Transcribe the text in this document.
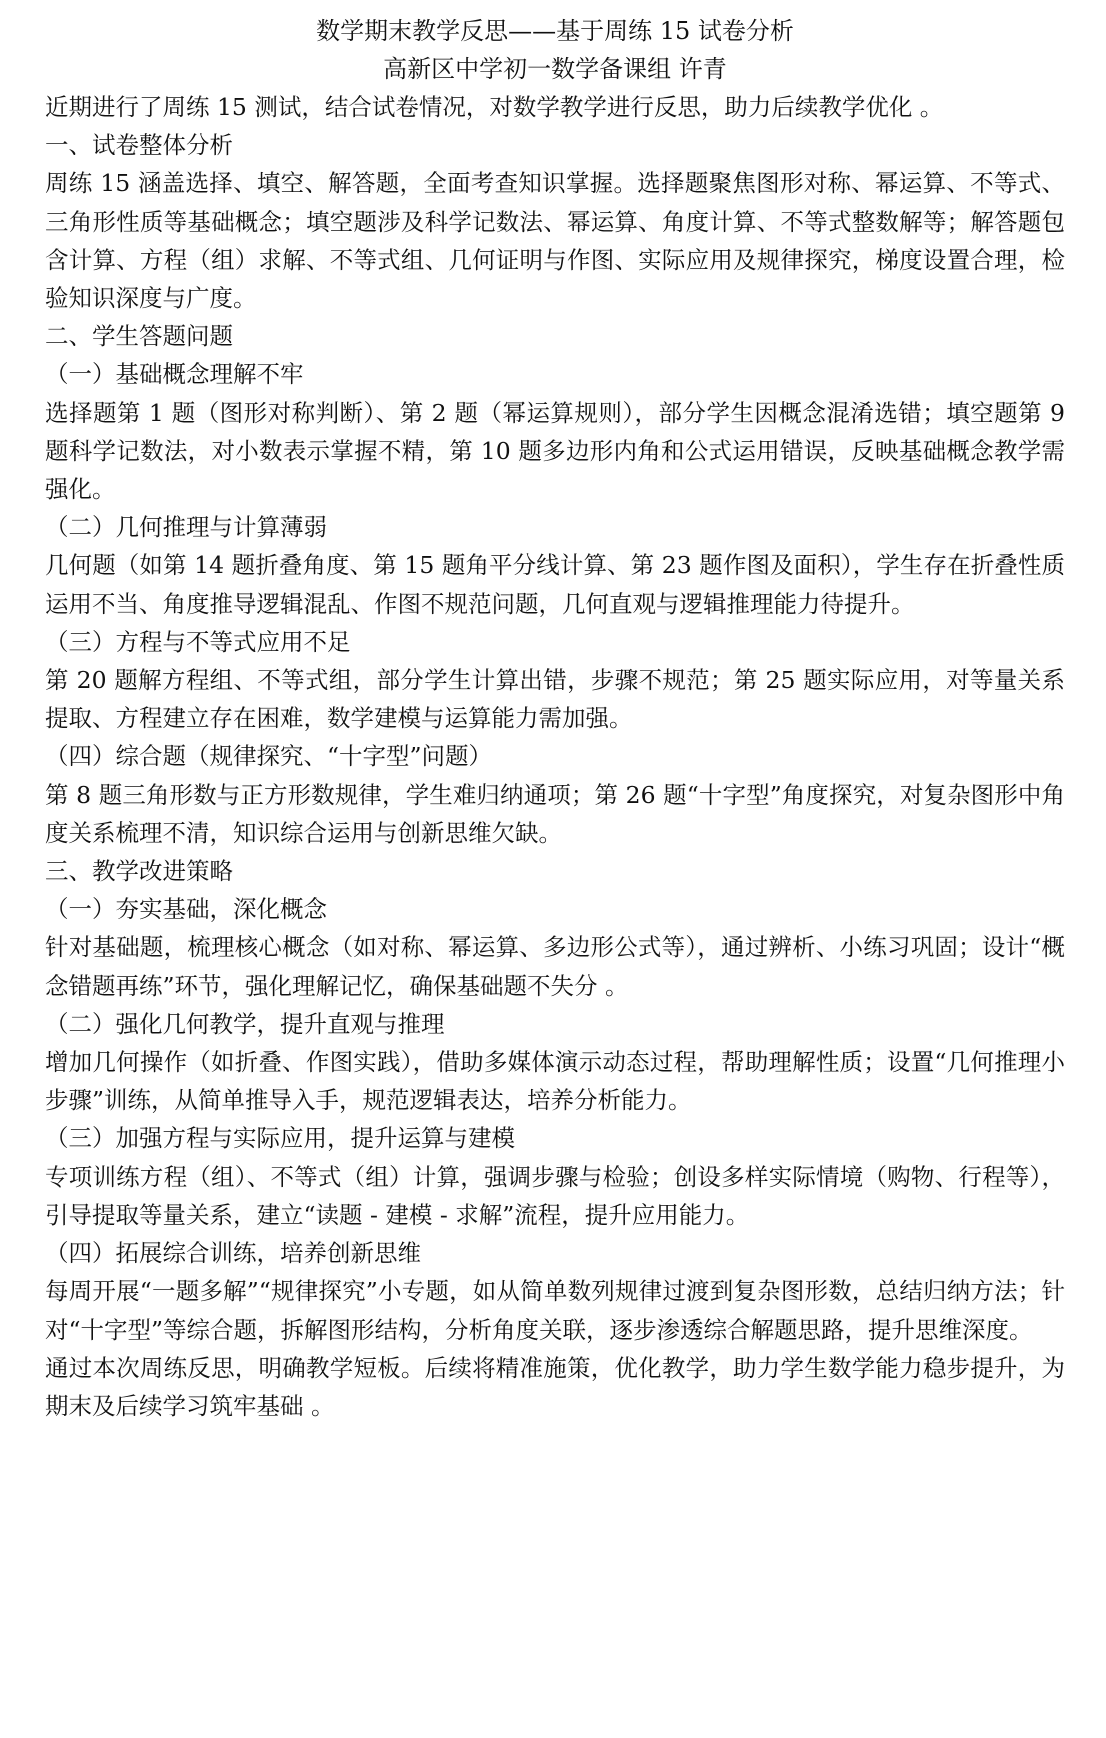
数学期末教学反思——基于周练 15 试卷分析

高新区中学初一数学备课组 许青

近期进行了周练 15 测试，结合试卷情况，对数学教学进行反思，助力后续教学优化 。

一、试卷整体分析

周练 15 涵盖选择、填空、解答题，全面考查知识掌握。选择题聚焦图形对称、幂运算、不等式、三角形性质等基础概念；填空题涉及科学记数法、幂运算、角度计算、不等式整数解等；解答题包含计算、方程（组）求解、不等式组、几何证明与作图、实际应用及规律探究，梯度设置合理，检验知识深度与广度。

二、学生答题问题

（一）基础概念理解不牢

选择题第 1 题（图形对称判断）、第 2 题（幂运算规则），部分学生因概念混淆选错；填空题第 9 题科学记数法，对小数表示掌握不精，第 10 题多边形内角和公式运用错误，反映基础概念教学需强化。

（二）几何推理与计算薄弱

几何题（如第 14 题折叠角度、第 15 题角平分线计算、第 23 题作图及面积），学生存在折叠性质运用不当、角度推导逻辑混乱、作图不规范问题，几何直观与逻辑推理能力待提升。

（三）方程与不等式应用不足

第 20 题解方程组、不等式组，部分学生计算出错，步骤不规范；第 25 题实际应用，对等量关系提取、方程建立存在困难，数学建模与运算能力需加强。

（四）综合题（规律探究、“十字型”问题）

第 8 题三角形数与正方形数规律，学生难归纳通项；第 26 题“十字型”角度探究，对复杂图形中角度关系梳理不清，知识综合运用与创新思维欠缺。

三、教学改进策略

（一）夯实基础，深化概念

针对基础题，梳理核心概念（如对称、幂运算、多边形公式等），通过辨析、小练习巩固；设计“概念错题再练”环节，强化理解记忆，确保基础题不失分 。

（二）强化几何教学，提升直观与推理

增加几何操作（如折叠、作图实践），借助多媒体演示动态过程，帮助理解性质；设置“几何推理小步骤”训练，从简单推导入手，规范逻辑表达，培养分析能力。

（三）加强方程与实际应用，提升运算与建模

专项训练方程（组）、不等式（组）计算，强调步骤与检验；创设多样实际情境（购物、行程等），引导提取等量关系，建立“读题 - 建模 - 求解”流程，提升应用能力。

（四）拓展综合训练，培养创新思维

每周开展“一题多解”“规律探究”小专题，如从简单数列规律过渡到复杂图形数，总结归纳方法；针对“十字型”等综合题，拆解图形结构，分析角度关联，逐步渗透综合解题思路，提升思维深度。

通过本次周练反思，明确教学短板。后续将精准施策，优化教学，助力学生数学能力稳步提升，为期末及后续学习筑牢基础 。
